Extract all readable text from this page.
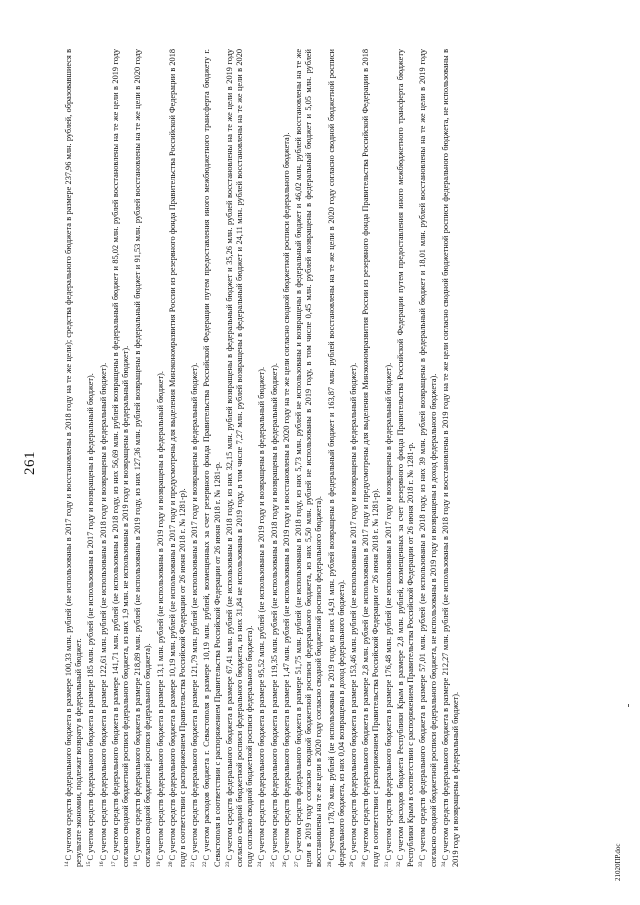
261

$^{14}$С учетом средств федерального бюджета в размере 100,33 млн. рублей (не использованы в 2017 году и восстановлены в 2018 году на те же цели); средства федерального бюджета в размере 237,96 млн. рублей, образовавшиеся в результате экономии, подлежат возврату в федеральный бюджет. $^{15}$С учетом средств федерального бюджета в размере 185 млн. рублей (не использованы в 2017 году и возвращены в федеральный бюджет).

$^{16}$С учетом средств федерального бюджета в размере 122,61 млн. рублей (не использованы в 2018 году и возвращены в федеральный бюджет).

$^{17}$С учетом средств федерального бюджета в размере 141,71 млн. рублей (не использованы в 2018 году, из них 56,69 млн. рублей возвращены в федеральный бюджет и 85,02 млн. рублей восстановлены на те же цели в 2019 году согласно сводной бюджетной росписи федерального бюджета, из них 1,9 млн. не использованы в 2019 году и возвращены в федеральный бюджет). $^{18}$С учетом средств федерального бюджета в размере 218,89 млн. рублей (не использованы в 2019 году, из них 127,36 млн. рублей возвращены в федеральный бюджет и 91,53 млн. рублей восстановлены на те же цели в 2020 году согласно сводной бюджетной росписи федерального бюджета). $^{19}$С учетом средств федерального бюджета в размере 13,1 млн. рублей (не использованы в 2019 году и возвращены в федеральный бюджет).

$^{20}$С учетом средств федерального бюджета в размере 10,19 млн. рублей (не использованы в 2017 году и предусмотрены для выделения Минэкономразвития России из резервного фонда Правительства Российской Федерации в 2018 году в соответствии с распоряжением Правительства Российской Федерации от 26 июня 2018 г. № 1281-р). $^{21}$С учетом средств федерального бюджета в размере 121,79 млн. рублей (не использованы в 2017 году и возвращены в федеральный бюджет).

$^{22}$С учетом расходов бюджета г. Севастополя в размере 10,19 млн. рублей, возмещенных за счет резервного фонда Правительства Российской Федерации путем предоставления иного межбюджетного трансферта бюджету г. Севастополя в соответствии с распоряжением Правительства Российской Федерации от 26 июня 2018 г. № 1281-р. $^{23}$С учетом средств федерального бюджета в размере 67,41 млн. рублей (не использованы в 2018 году, из них 32,15 млн. рублей возвращены в федеральный бюджет и 35,26 млн. рублей восстановлены на те же цели в 2019 году согласно сводной бюджетной росписи федерального бюджета, из них 31,84 не использованы в 2019 году, в том числе 7,27 млн. рублей возвращены в федеральный бюджет и 24,11 млн. рублей восстановлены на те же цели в 2020 году согласно сводной бюджетной росписи федерального бюджета). $^{24}$С учетом средств федерального бюджета в размере 95,52 млн. рублей (не использованы в 2019 году и возвращены в федеральный бюджет).

$^{25}$С учетом средств федерального бюджета в размере 119,35 млн. рублей (не использованы в 2018 году и возвращены в федеральный бюджет).

$^{26}$С учетом средств федерального бюджета в размере 1,47 млн. рублей (не использованы в 2019 году и восстановлены в 2020 году на те же цели согласно сводной бюджетной росписи федерального бюджета).

$^{27}$С учетом средств федерального бюджета в размере 51,75 млн. рублей (не использованы в 2018 году, из них 5,73 млн. рублей не использованы и возвращены в федеральный бюджет и 46,02 млн. рублей восстановлены на те же цели в 2019 году согласно сводной бюджетной росписи федерального бюджета, из них 5,50 млн. рублей не использованы в 2019 году, в том числе 0,45 млн. рублей возвращены в федеральный бюджет и 5,05 млн. рублей восстановлены на те же цели в 2020 году согласно сводной бюджетной росписи федерального бюджета). $^{28}$С учетом 178,78 млн. рублей (не использованы в 2019 году, из них 14,91 млн. рублей возвращены в федеральный бюджет и 163,87 млн. рублей восстановлены на те же цели в 2020 году согласно сводной бюджетной росписи федерального бюджета, из них 0,04 возвращены в доход федерального бюджета). $^{29}$С учетом средств федерального бюджета в размере 153,46 млн. рублей (не использованы в 2017 году и возвращены в федеральный бюджет).

$^{30}$С учетом средств федерального бюджета в размере 2,8 млн. рублей (не использованы в 2017 году и предусмотрены для выделения Минэкономразвития России из резервного фонда Правительства Российской Федерации в 2018 году в соответствии с распоряжением Правительства Российской Федерации от 26 июня 2018 г. № 1281-р). $^{31}$С учетом средств федерального бюджета в размере 176,48 млн. рублей (не использованы в 2017 году и возвращены в федеральный бюджет).

$^{32}$С учетом расходов бюджета Республики Крым в размере 2,8 млн. рублей, возмещенных за счет резервного фонда Правительства Российской Федерации путем предоставления иного межбюджетного трансферта бюджету Республики Крым в соответствии с распоряжением Правительства Российской Федерации от 26 июня 2018 г. № 1281-р. $^{33}$С учетом средств федерального бюджета в размере 57,01 млн. рублей (не использованы в 2018 году, из них 39 млн. рублей возвращены в федеральный бюджет и 18,01 млн. рублей восстановлены на те же цели в 2019 году согласно сводной бюджетной росписи федерального бюджета, не использованы в 2019 году и возвращены в доход федерального бюджета). $^{34}$С учетом средств федерального бюджета в размере 212,27 млн. рублей (не использованы в 2018 году и восстановлены в 2019 году на те же цели согласно сводной бюджетной росписи федерального бюджета, не использованы в 2019 году и возвращены в федеральный бюджет).	21020ПР.doc
